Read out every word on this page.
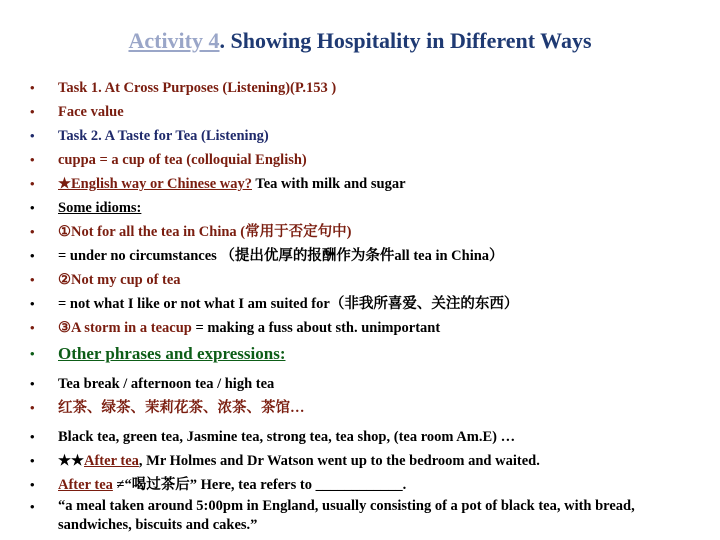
Activity 4. Showing Hospitality in Different Ways
• Task 1. At Cross Purposes (Listening)(P.153 )
• Face value
• Task 2. A Taste for Tea (Listening)
• cuppa = a cup of tea (colloquial English)
• ★English way or Chinese way? Tea with milk and sugar
• Some idioms:
• ①Not for all the tea in China (常用于否定句中)
• = under no circumstances （提出优厚的报酬作为条件all tea in China）
• ②Not my cup of tea
• = not what I like or not what I am suited for（非我所喜爱、关注的东西）
• ③A storm in a teacup = making a fuss about sth. unimportant
• Other phrases and expressions:
• Tea break / afternoon tea / high tea
• 红茶、绿茶、茉莉花茶、浓茶、茶馆…
• Black tea, green tea, Jasmine tea, strong tea, tea shop, (tea room Am.E) …
• ★★After tea, Mr Holmes and Dr Watson went up to the bedroom and waited.
• After tea ≠“喝过茶后” Here, tea refers to ____________.
• “a meal taken around 5:00pm in England, usually consisting of a pot of black tea, with bread, sandwiches, biscuits and cakes.”
